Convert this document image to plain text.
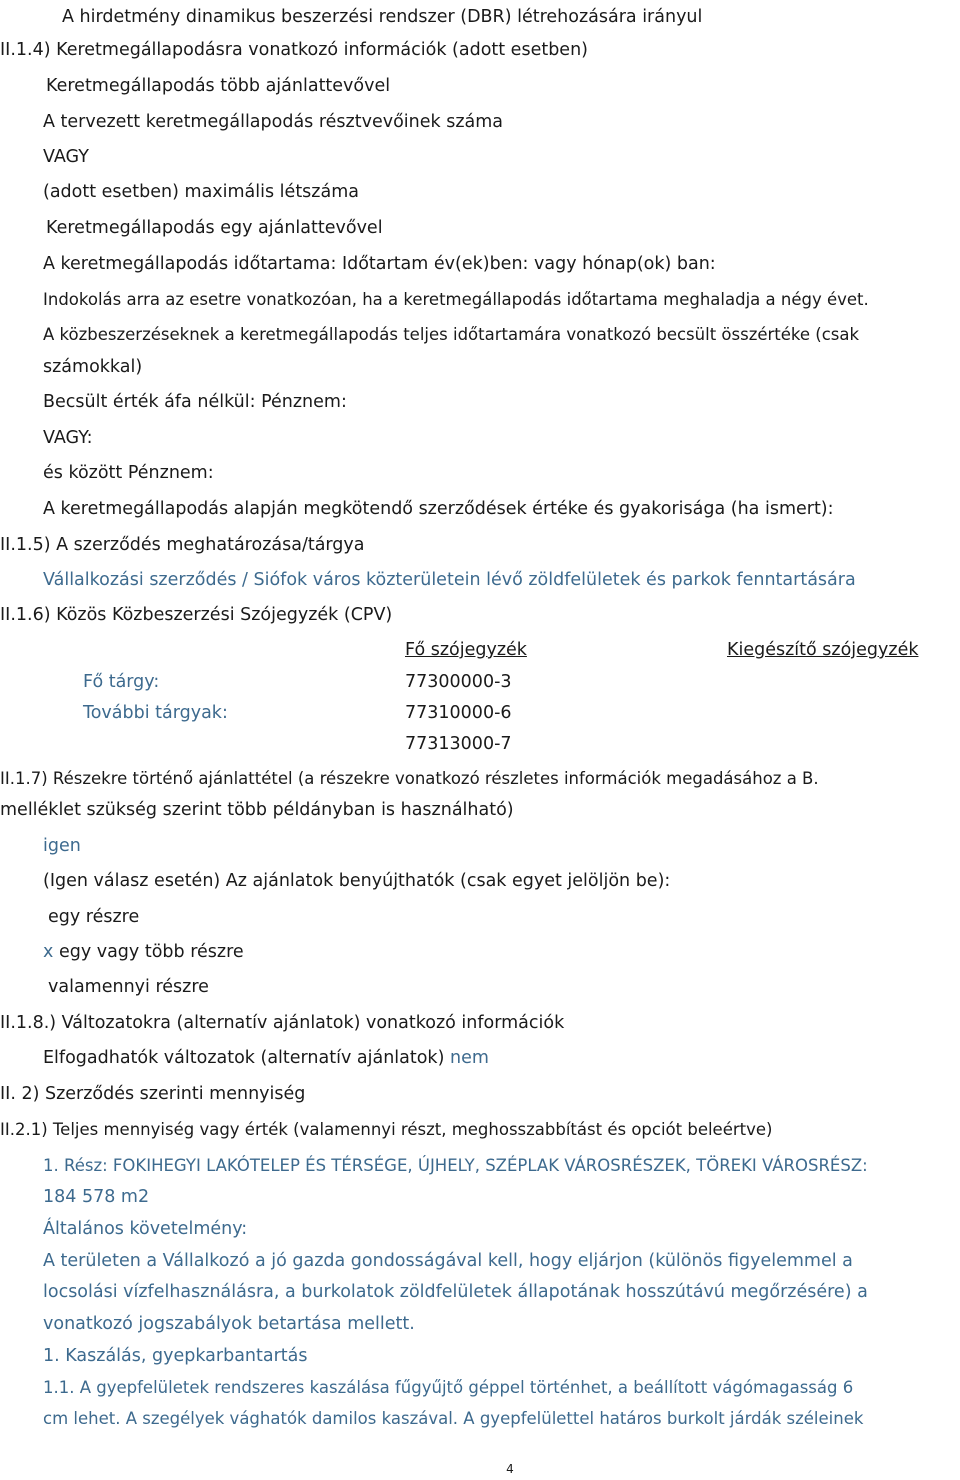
A hirdetmény dinamikus beszerzési rendszer (DBR) létrehozására irányul
II.1.4) Keretmegállapodásra vonatkozó információk (adott esetben)
Keretmegállapodás több ajánlattevővel
A tervezett keretmegállapodás résztvevőinek száma
VAGY
(adott esetben) maximális létszáma
Keretmegállapodás egy ajánlattevővel
A keretmegállapodás időtartama: Időtartam év(ek)ben: vagy hónap(ok) ban:
Indokolás arra az esetre vonatkozóan, ha a keretmegállapodás időtartama meghaladja a négy évet.
A közbeszerzéseknek a keretmegállapodás teljes időtartamára vonatkozó becsült összértéke (csak
számokkal)
Becsült érték áfa nélkül: Pénznem:
VAGY:
és között Pénznem:
A keretmegállapodás alapján megkötendő szerződések értéke és gyakorisága (ha ismert):
II.1.5) A szerződés meghatározása/tárgya
Vállalkozási szerződés / Siófok város közterületein lévő zöldfelületek és parkok fenntartására
II.1.6) Közös Közbeszerzési Szójegyzék (CPV)
Fő szójegyzék	Kiegészítő szójegyzék
Fő tárgy:	77300000-3
További tárgyak:	77310000-6
77313000-7
II.1.7) Részekre történő ajánlattétel (a részekre vonatkozó részletes információk megadásához a B.
melléklet szükség szerint több példányban is használható)
igen
(Igen válasz esetén) Az ajánlatok benyújthatók (csak egyet jelöljön be):
egy részre
x egy vagy több részre
valamennyi részre
II.1.8.) Változatokra (alternatív ajánlatok) vonatkozó információk
Elfogadhatók változatok (alternatív ajánlatok) nem
II. 2) Szerződés szerinti mennyiség
II.2.1) Teljes mennyiség vagy érték (valamennyi részt, meghosszabbítást és opciót beleértve)
1. Rész: FOKIHEGYI LAKÓTELEP ÉS TÉRSÉGE, ÚJHELY, SZÉPLAK VÁROSRÉSZEK, TÖREKI VÁROSRÉSZ:
184 578 m2
Általános követelmény:
A területen a Vállalkozó a jó gazda gondosságával kell, hogy eljárjon (különös figyelemmel a
locsolási vízfelhasználásra, a burkolatok zöldfelületek állapotának hosszútávú megőrzésére) a
vonatkozó jogszabályok betartása mellett.
1. Kaszálás, gyepkarbantartás
1.1. A gyepfelületek rendszeres kaszálása fűgyűjtő géppel történhet, a beállított vágómagasság 6
cm lehet. A szegélyek vághatók damilos kaszával. A gyepfelülettel határos burkolt járdák széleinek
4
